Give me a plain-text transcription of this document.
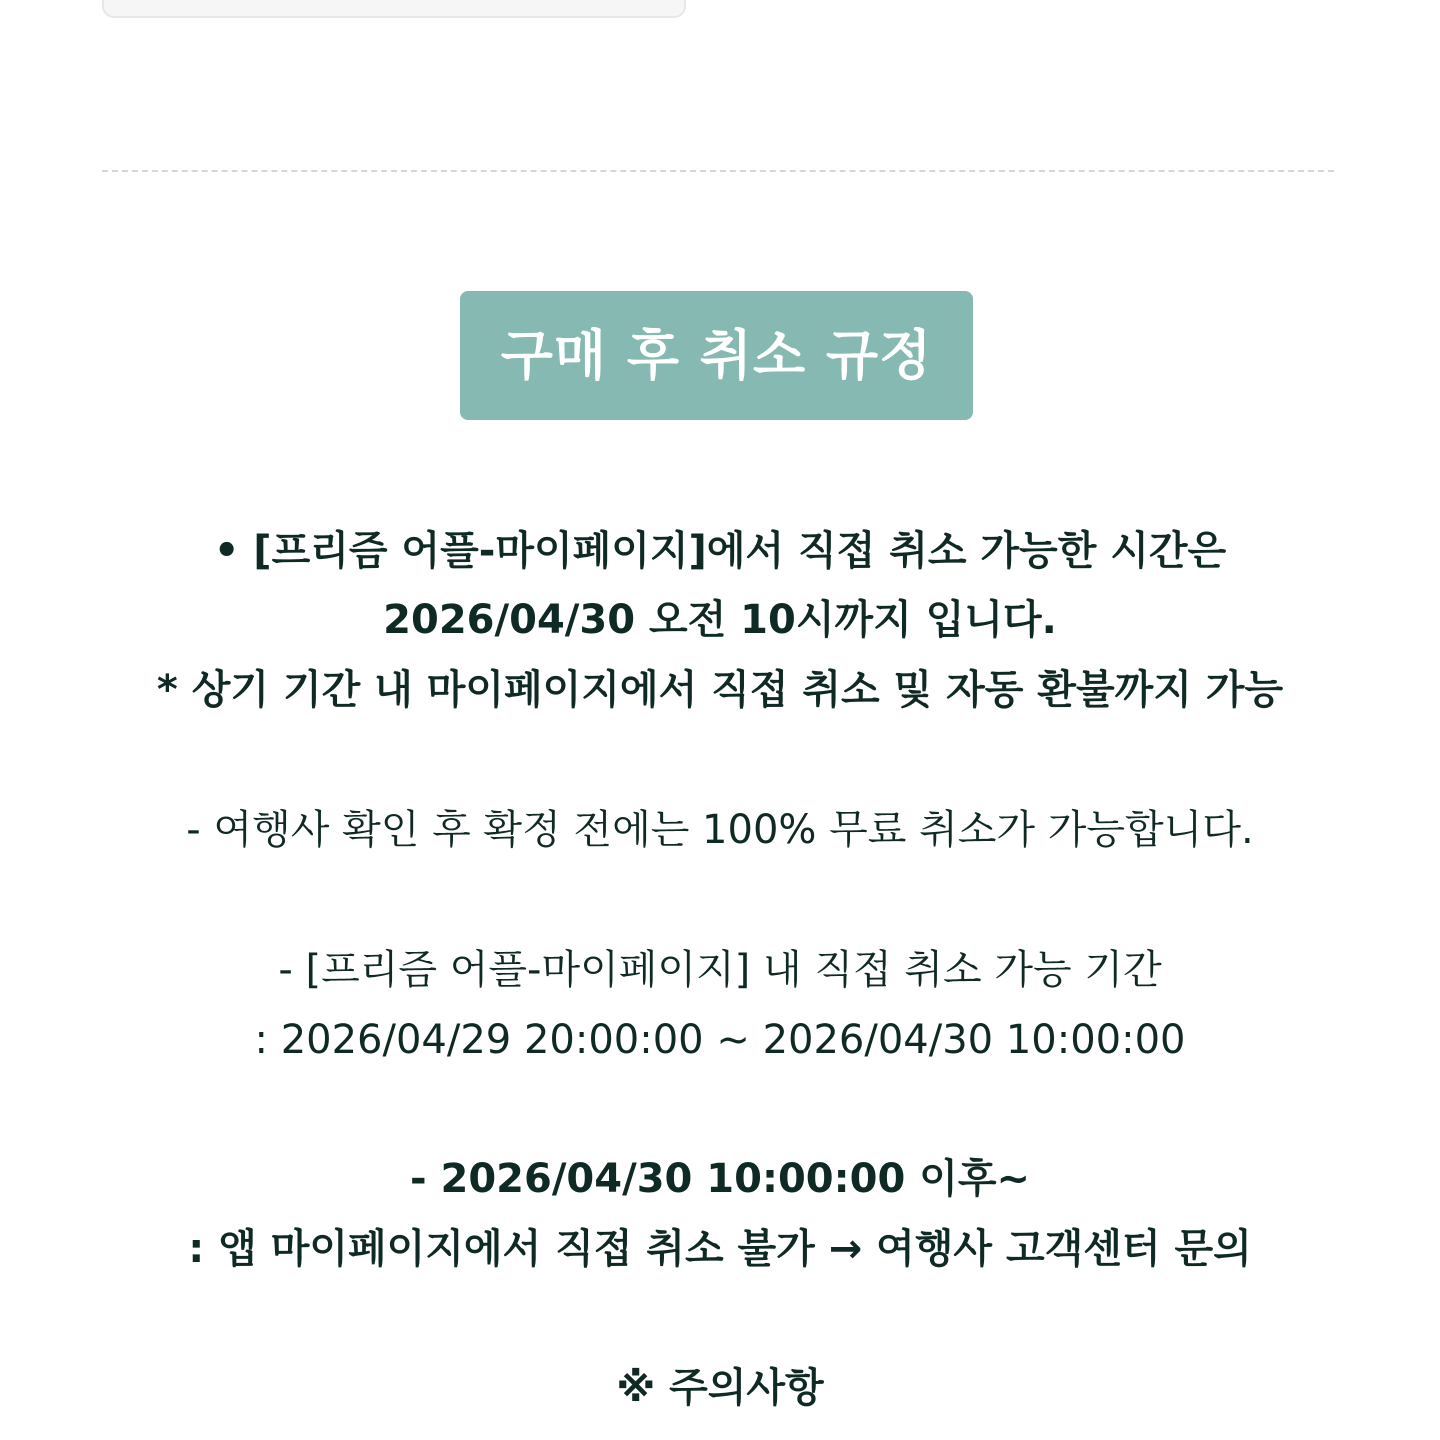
구매 후 취소 규정
• [프리즘 어플-마이페이지]에서 직접 취소 가능한 시간은
2026/04/30 오전 10시까지 입니다.
* 상기 기간 내 마이페이지에서 직접 취소 및 자동 환불까지 가능
- 여행사 확인 후 확정 전에는 100% 무료 취소가 가능합니다.
- [프리즘 어플-마이페이지] 내 직접 취소 가능 기간
: 2026/04/29 20:00:00 ~ 2026/04/30 10:00:00
- 2026/04/30 10:00:00 이후~
: 앱 마이페이지에서 직접 취소 불가 → 여행사 고객센터 문의
※ 주의사항
